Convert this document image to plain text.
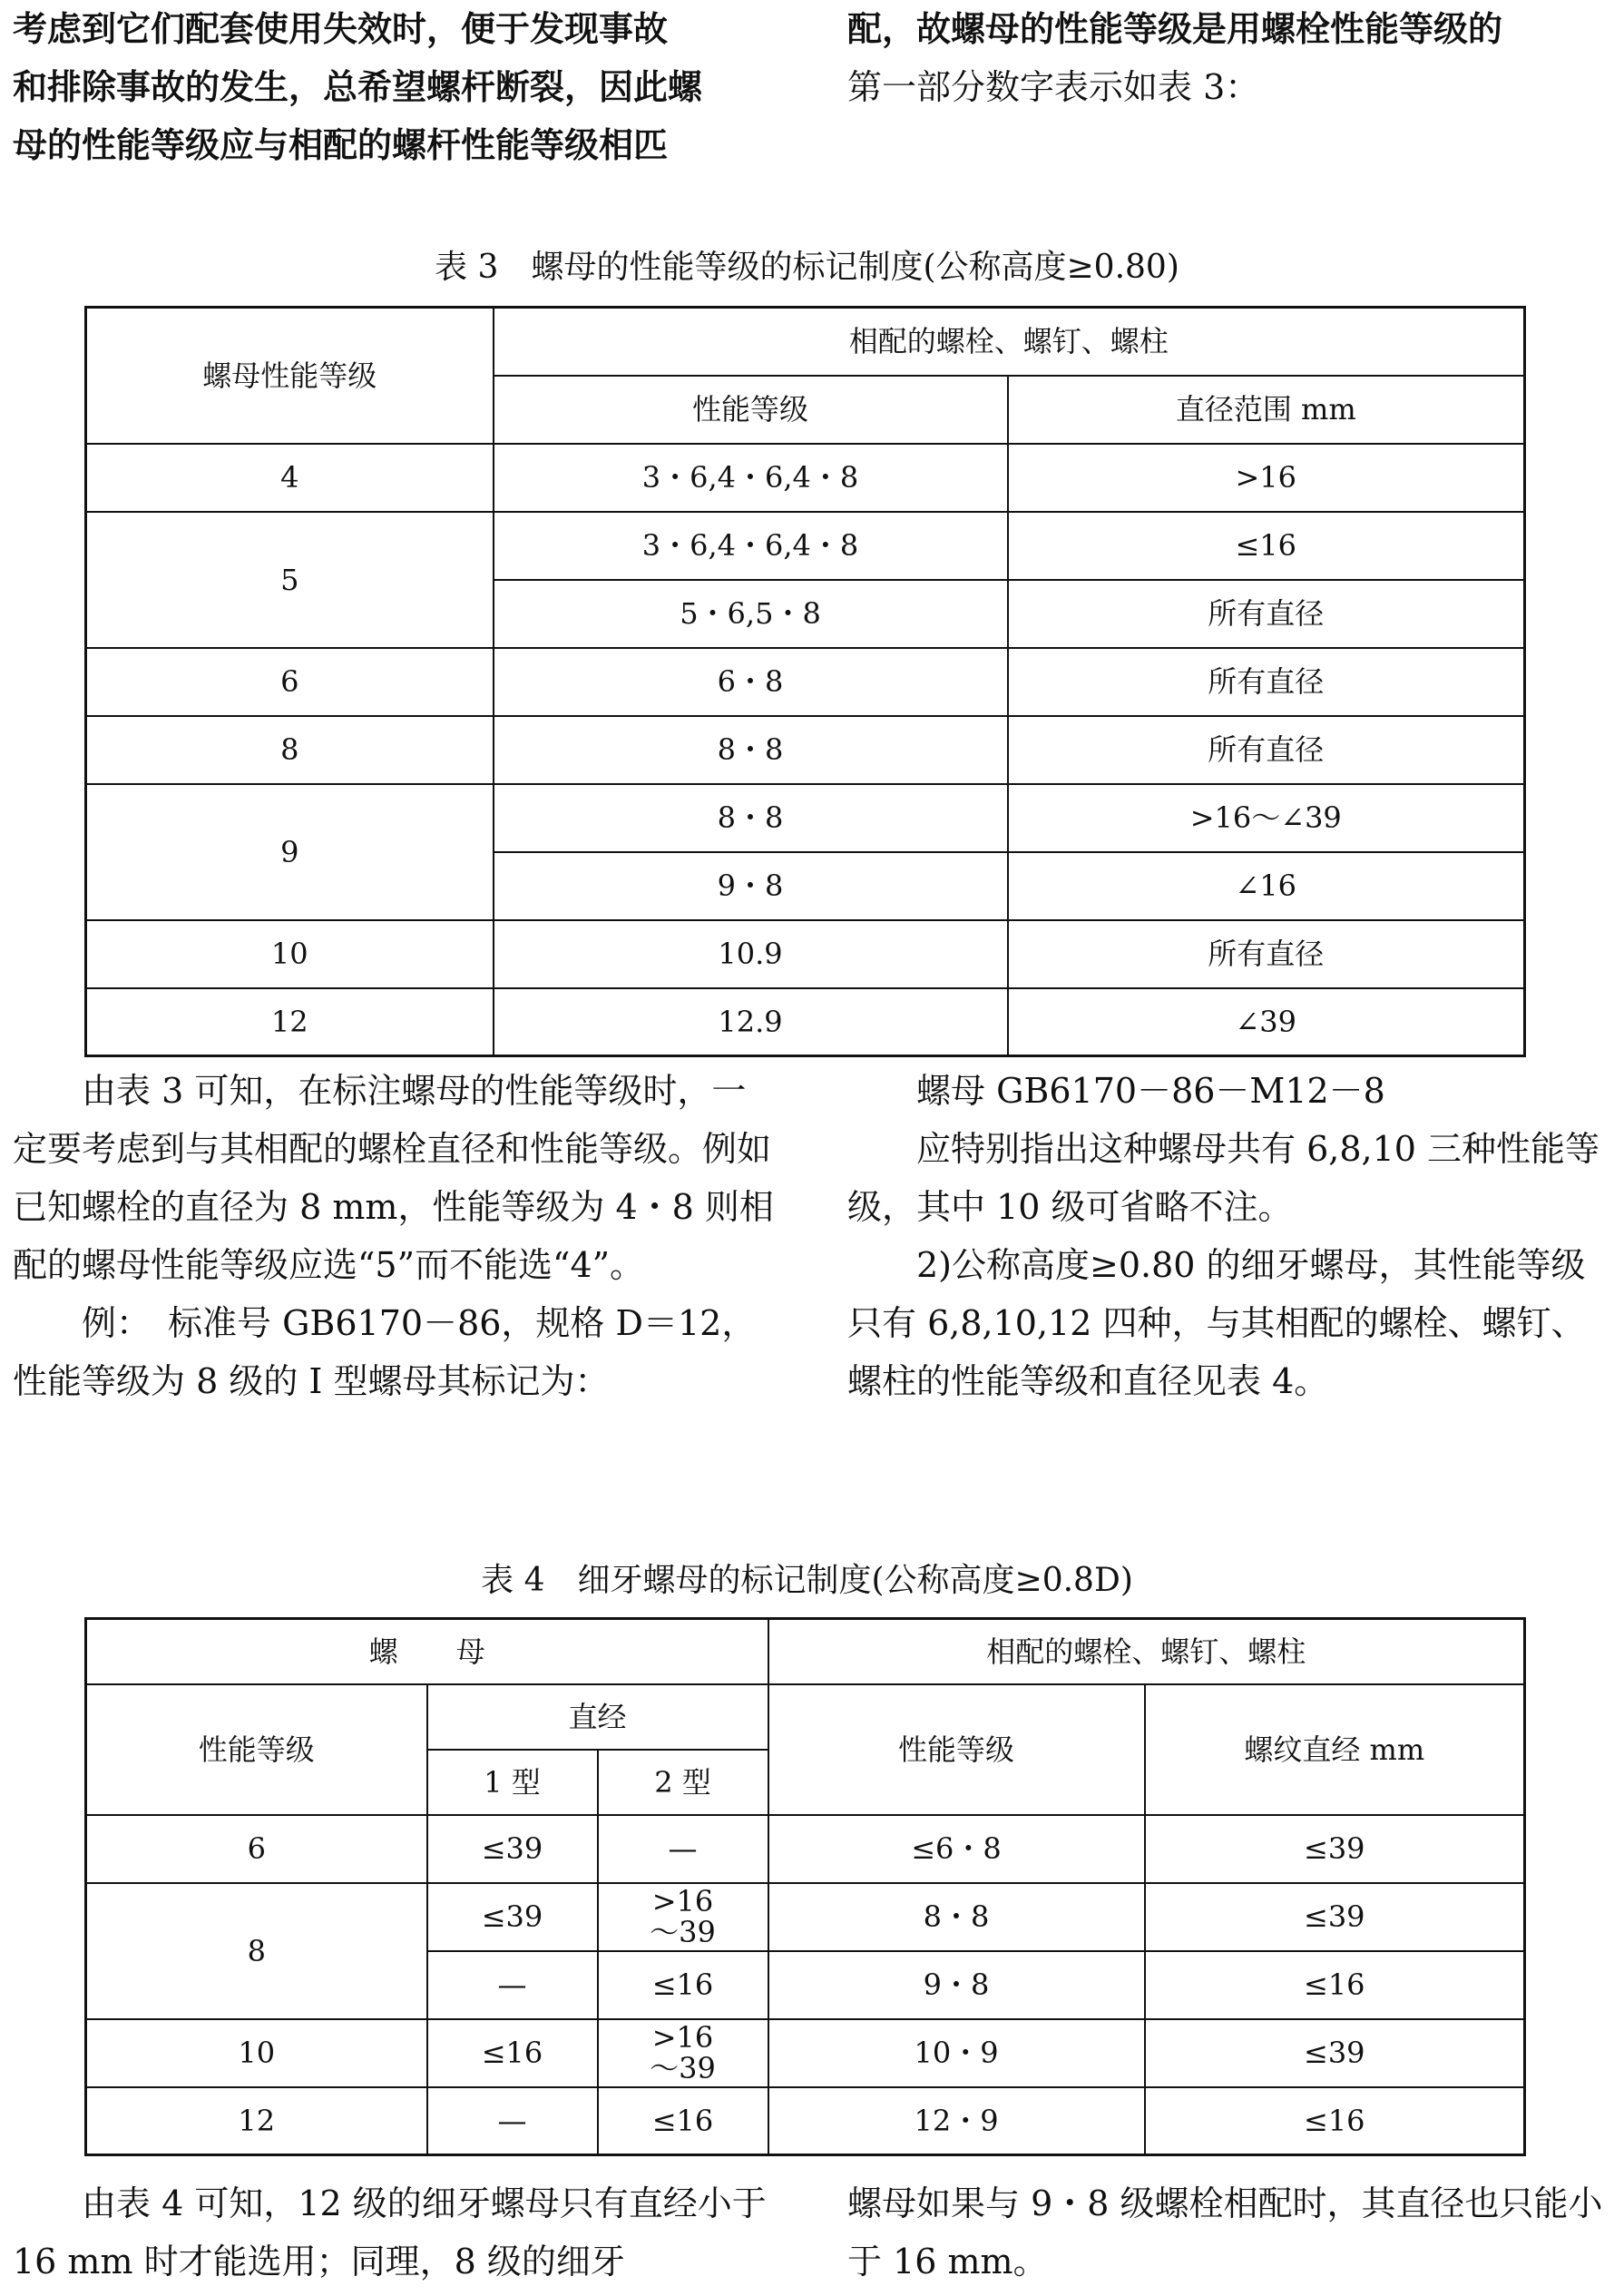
考虑到它们配套使用失效时，便于发现事故

和排除事故的发生，总希望螺杆断裂，因此螺

母的性能等级应与相配的螺杆性能等级相匹

配，故螺母的性能等级是用螺栓性能等级的

第一部分数字表示如表 3：

表 3　螺母的性能等级的标记制度(公称高度≥0.80)
螺母性能等级	相配的螺栓、螺钉、螺柱	
	性能等级	直径范围 mm
4	3・6,4・6,4・8	>16
5	3・6,4・6,4・8	≤16
	5・6,5・8	所有直径
6	6・8	所有直径
8	8・8	所有直径
9	8・8	>16～∠39
	9・8	∠16
10	10.9	所有直径
12	12.9	∠39

由表 3 可知，在标注螺母的性能等级时，一定要考虑到与其相配的螺栓直径和性能等级。例如已知螺栓的直径为 8 mm，性能等级为 4・8 则相配的螺母性能等级应选“5”而不能选“4”。

例：　标准号 GB6170－86，规格 D＝12，性能等级为 8 级的 I 型螺母其标记为：

螺母 GB6170－86－M12－8

应特别指出这种螺母共有 6,8,10 三种性能等级，其中 10 级可省略不注。

2)公称高度≥0.80 的细牙螺母，其性能等级只有 6,8,10,12 四种，与其相配的螺栓、螺钉、螺柱的性能等级和直径见表 4。

表 4　细牙螺母的标记制度(公称高度≥0.8D)
螺　　母			相配的螺栓、螺钉、螺柱	
性能等级	直经		性能等级	螺纹直经 mm
	1 型	2 型		
6	≤39	—	≤6・8	≤39
8	≤39	>16
～39	8・8	≤39
	—	≤16	9・8	≤16
10	≤16	>16
～39	10・9	≤39
12	—	≤16	12・9	≤16

由表 4 可知，12 级的细牙螺母只有直经小于 16 mm 时才能选用；同理，8 级的细牙

螺母如果与 9・8 级螺栓相配时，其直径也只能小于 16 mm。
